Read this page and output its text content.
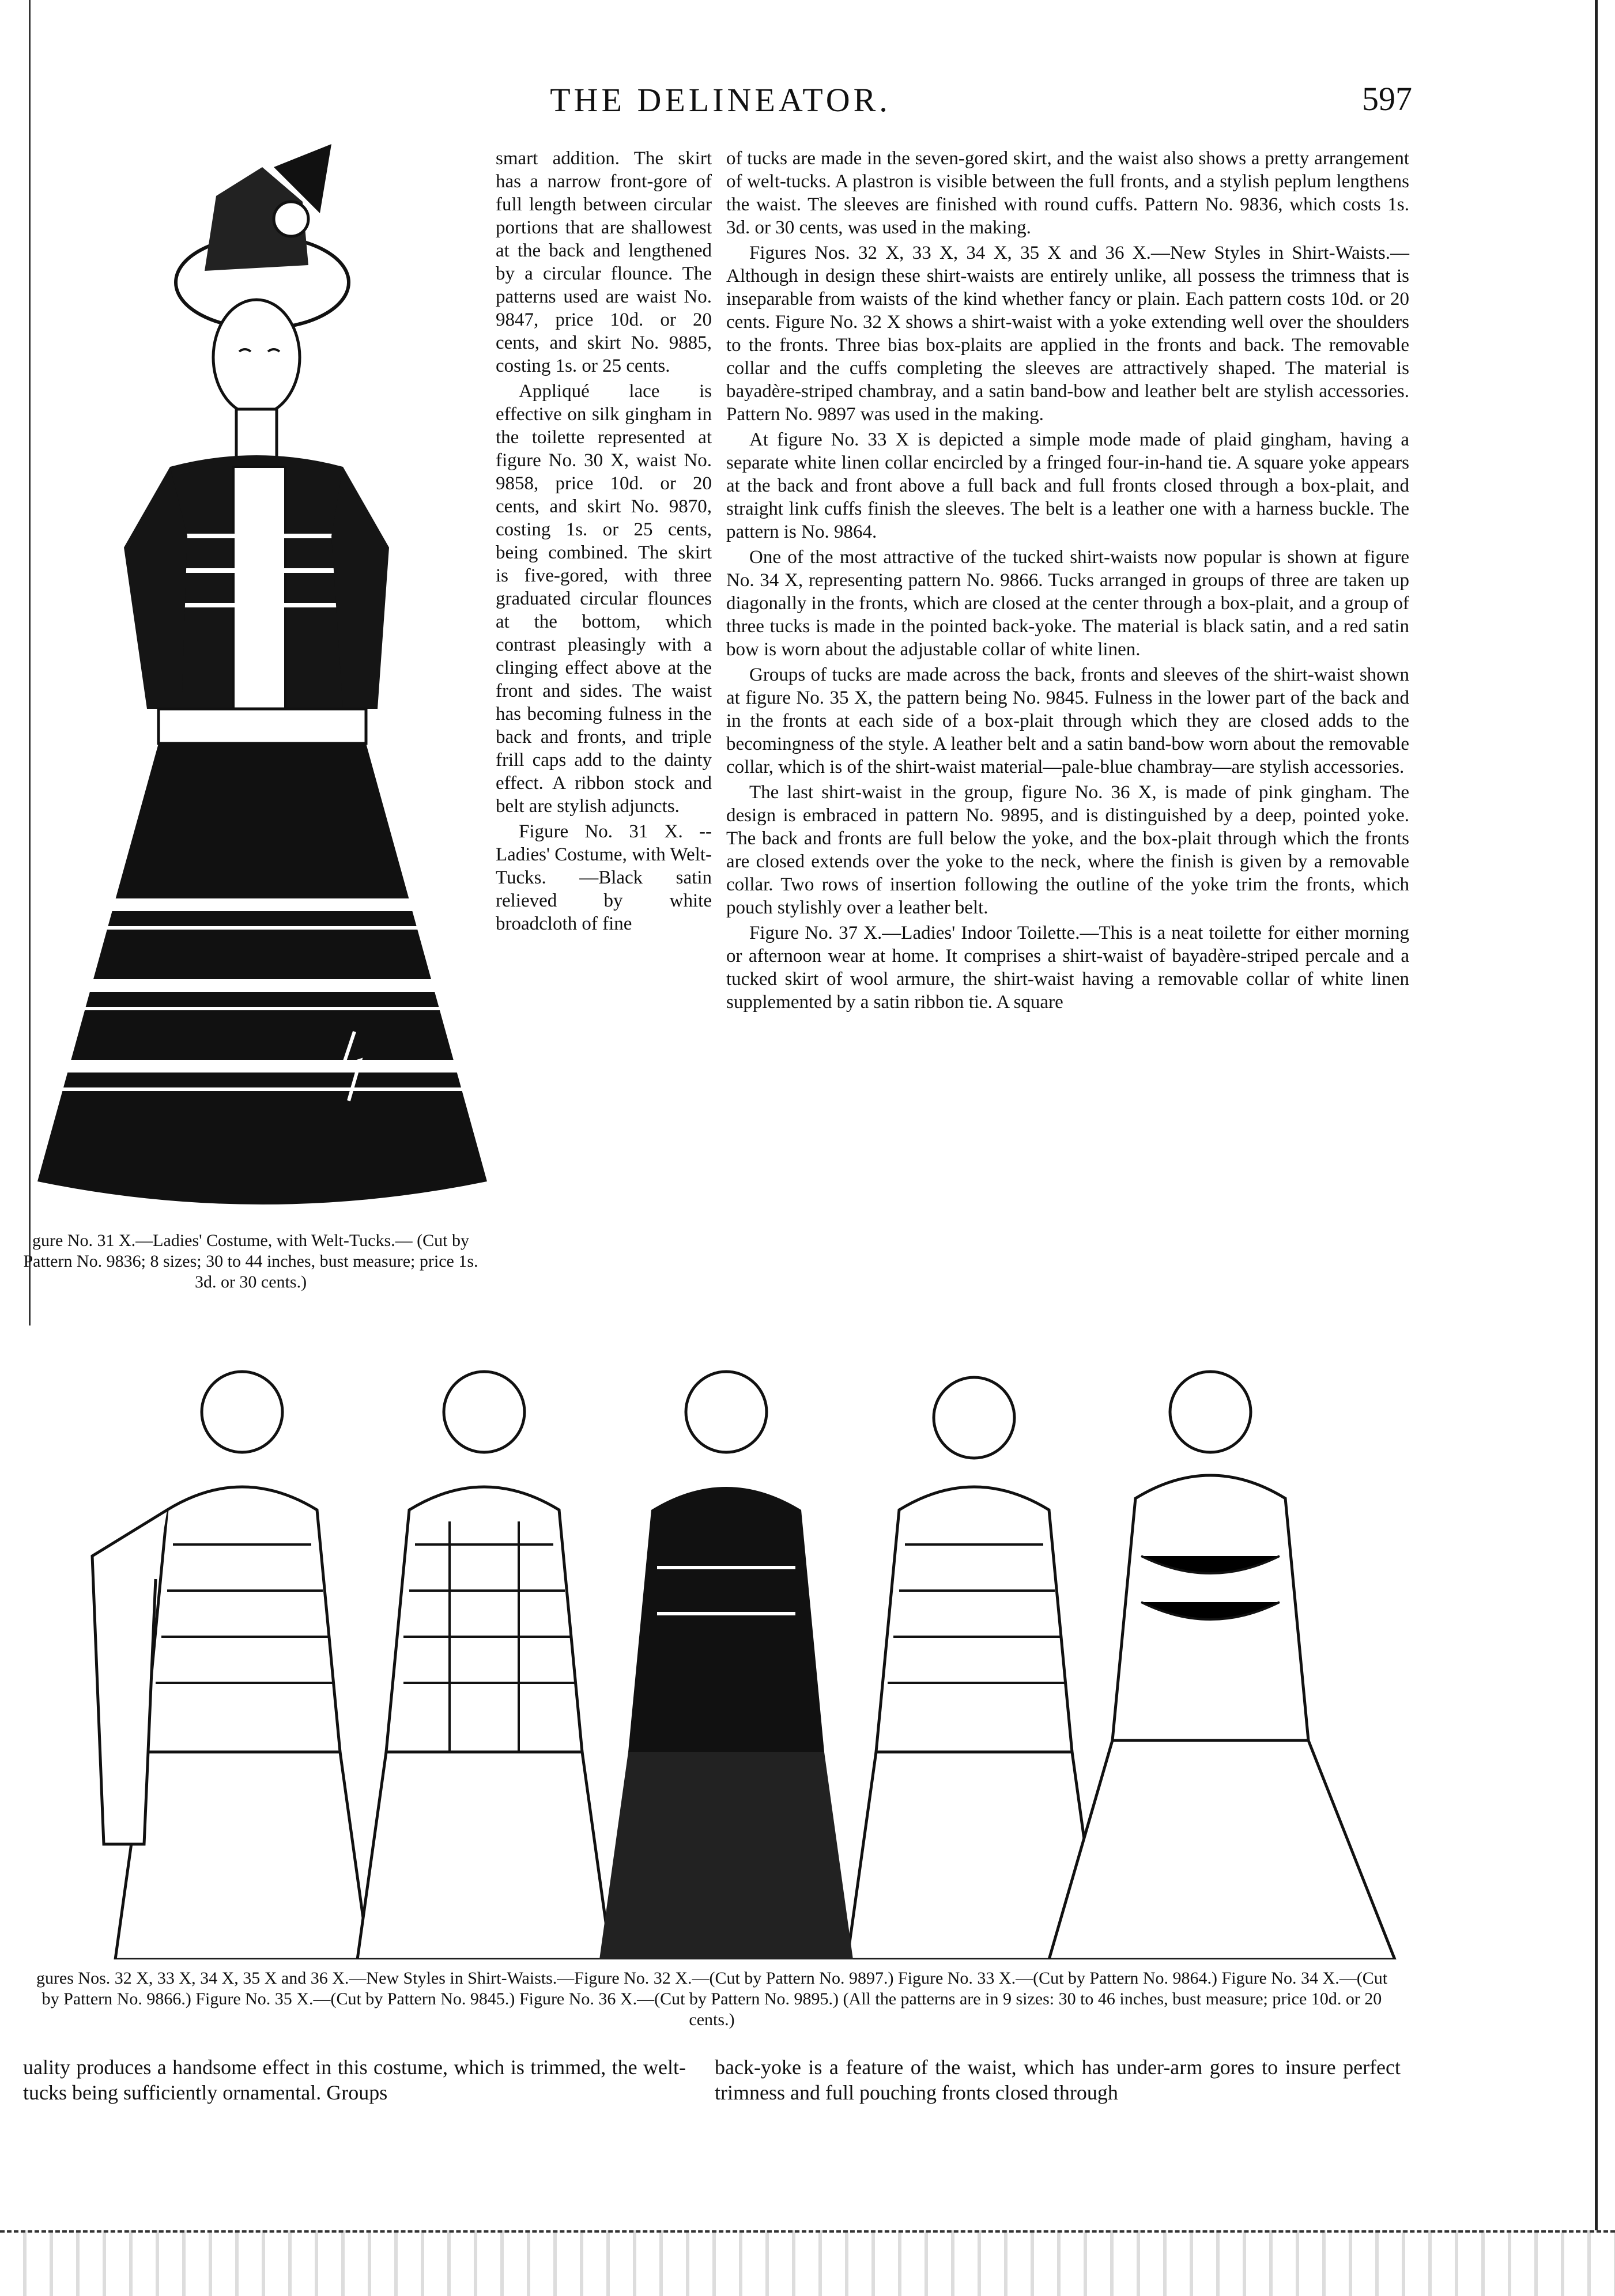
THE DELINEATOR.	597

smart addition. The skirt has a narrow front-gore of full length between circular portions that are shallowest at the back and lengthened by a circular flounce. The patterns used are waist No. 9847, price 10d. or 20 cents, and skirt No. 9885, costing 1s. or 25 cents.

Appliqué lace is effective on silk gingham in the toilette represented at figure No. 30 X, waist No. 9858, price 10d. or 20 cents, and skirt No. 9870, costing 1s. or 25 cents, being combined. The skirt is five-gored, with three graduated circular flounces at the bottom, which contrast pleasingly with a clinging effect above at the front and sides. The waist has becoming fulness in the back and fronts, and triple frill caps add to the dainty effect. A ribbon stock and belt are stylish adjuncts.

Figure No. 31 X. --Ladies' Costume, with Welt-Tucks. —Black satin relieved by white broadcloth of fine

of tucks are made in the seven-gored skirt, and the waist also shows a pretty arrangement of welt-tucks. A plastron is visible between the full fronts, and a stylish peplum lengthens the waist. The sleeves are finished with round cuffs. Pattern No. 9836, which costs 1s. 3d. or 30 cents, was used in the making.

Figures Nos. 32 X, 33 X, 34 X, 35 X and 36 X.—New Styles in Shirt-Waists.—Although in design these shirt-waists are entirely unlike, all possess the trimness that is inseparable from waists of the kind whether fancy or plain. Each pattern costs 10d. or 20 cents. Figure No. 32 X shows a shirt-waist with a yoke extending well over the shoulders to the fronts. Three bias box-plaits are applied in the fronts and back. The removable collar and the cuffs completing the sleeves are attractively shaped. The material is bayadère-striped chambray, and a satin band-bow and leather belt are stylish accessories. Pattern No. 9897 was used in the making.

At figure No. 33 X is depicted a simple mode made of plaid gingham, having a separate white linen collar encircled by a fringed four-in-hand tie. A square yoke appears at the back and front above a full back and full fronts closed through a box-plait, and straight link cuffs finish the sleeves. The belt is a leather one with a harness buckle. The pattern is No. 9864.

One of the most attractive of the tucked shirt-waists now popular is shown at figure No. 34 X, representing pattern No. 9866. Tucks arranged in groups of three are taken up diagonally in the fronts, which are closed at the center through a box-plait, and a group of three tucks is made in the pointed back-yoke. The material is black satin, and a red satin bow is worn about the adjustable collar of white linen.

Groups of tucks are made across the back, fronts and sleeves of the shirt-waist shown at figure No. 35 X, the pattern being No. 9845. Fulness in the lower part of the back and in the fronts at each side of a box-plait through which they are closed adds to the becomingness of the style. A leather belt and a satin band-bow worn about the removable collar, which is of the shirt-waist material—pale-blue chambray—are stylish accessories.

The last shirt-waist in the group, figure No. 36 X, is made of pink gingham. The design is embraced in pattern No. 9895, and is distinguished by a deep, pointed yoke. The back and fronts are full below the yoke, and the box-plait through which the fronts are closed extends over the yoke to the neck, where the finish is given by a removable collar. Two rows of insertion following the outline of the yoke trim the fronts, which pouch stylishly over a leather belt.

Figure No. 37 X.—Ladies' Indoor Toilette.—This is a neat toilette for either morning or afternoon wear at home. It comprises a shirt-waist of bayadère-striped percale and a tucked skirt of wool armure, the shirt-waist having a removable collar of white linen supplemented by a satin ribbon tie. A square

gure No. 31 X.—Ladies' Costume, with Welt-Tucks.— (Cut by Pattern No. 9836; 8 sizes; 30 to 44 inches, bust measure; price 1s. 3d. or 30 cents.)
gures Nos. 32 X, 33 X, 34 X, 35 X and 36 X.—New Styles in Shirt-Waists.—Figure No. 32 X.—(Cut by Pattern No. 9897.) Figure No. 33 X.—(Cut by Pattern No. 9864.) Figure No. 34 X.—(Cut by Pattern No. 9866.) Figure No. 35 X.—(Cut by Pattern No. 9845.) Figure No. 36 X.—(Cut by Pattern No. 9895.) (All the patterns are in 9 sizes: 30 to 46 inches, bust measure; price 10d. or 20 cents.)
uality produces a handsome effect in this costume, which is trimmed, the welt-tucks being sufficiently ornamental. Groups
back-yoke is a feature of the waist, which has under-arm gores to insure perfect trimness and full pouching fronts closed through
